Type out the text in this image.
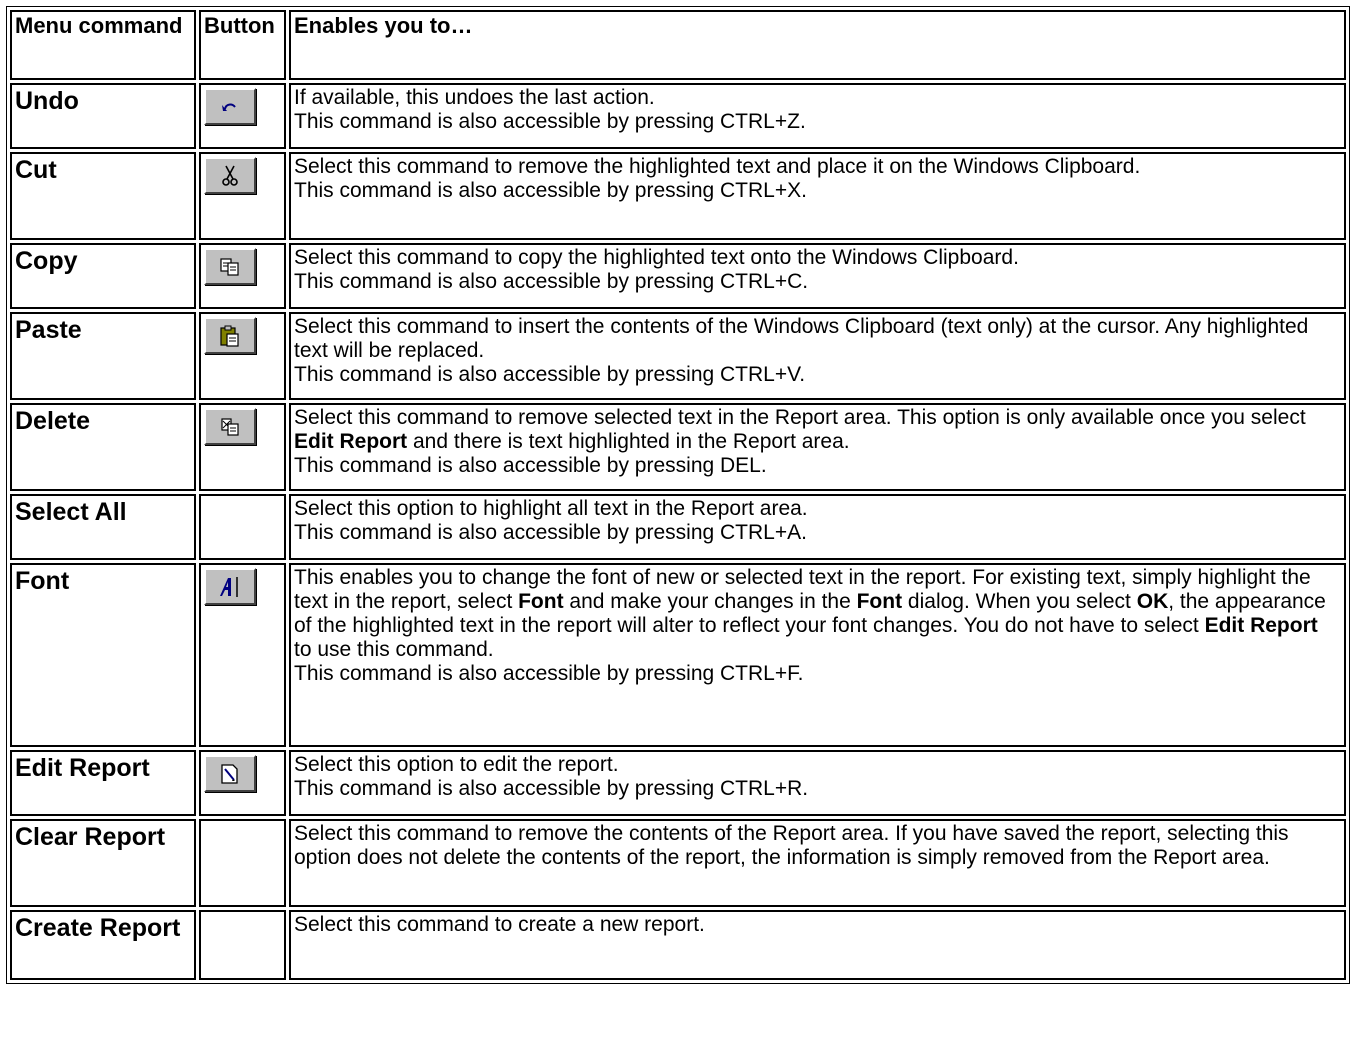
Menu command	Button	Enables you to…
Undo		If available, this undoes the last action.
This command is also accessible by pressing CTRL+Z.

Cut		Select this command to remove the highlighted text and place it on the Windows Clipboard.
This command is also accessible by pressing CTRL+X.

Copy		Select this command to copy the highlighted text onto the Windows Clipboard.
This command is also accessible by pressing CTRL+C.

Paste		Select this command to insert the contents of the Windows Clipboard (text only) at the cursor. Any highlighted text will be replaced.
This command is also accessible by pressing CTRL+V.

Delete		Select this command to remove selected text in the Report area. This option is only available once you select Edit Report and there is text highlighted in the Report area.
This command is also accessible by pressing DEL.

Select All		Select this option to highlight all text in the Report area.
This command is also accessible by pressing CTRL+A.

Font		This enables you to change the font of new or selected text in the report. For existing text, simply highlight the text in the report, select Font and make your changes in the Font dialog. When you select OK, the appearance of the highlighted text in the report will alter to reflect your font changes. You do not have to select Edit Report to use this command.
This command is also accessible by pressing CTRL+F.

Edit Report		Select this option to edit the report.
This command is also accessible by pressing CTRL+R.

Clear Report		Select this command to remove the contents of the Report area. If you have saved the report, selecting this option does not delete the contents of the report, the information is simply removed from the Report area.

Create Report		Select this command to create a new report.
